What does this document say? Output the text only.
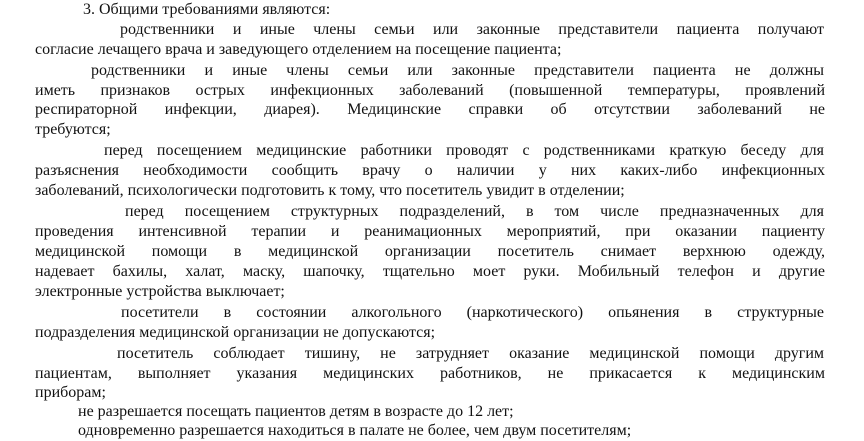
3. Общими требованиями являются:
родственники и иные члены семьи или законные представители пациента получают
согласие лечащего врача и заведующего отделением на посещение пациента;
родственники и иные члены семьи или законные представители пациента не должны
иметь признаков острых инфекционных заболеваний (повышенной температуры, проявлений
респираторной инфекции, диарея). Медицинские справки об отсутствии заболеваний не
требуются;
перед посещением медицинские работники проводят с родственниками краткую беседу для
разъяснения необходимости сообщить врачу о наличии у них каких-либо инфекционных
заболеваний, психологически подготовить к тому, что посетитель увидит в отделении;
перед посещением структурных подразделений, в том числе предназначенных для
проведения интенсивной терапии и реанимационных мероприятий, при оказании пациенту
медицинской помощи в медицинской организации посетитель снимает верхнюю одежду,
надевает бахилы, халат, маску, шапочку, тщательно моет руки. Мобильный телефон и другие
электронные устройства выключает;
посетители в состоянии алкогольного (наркотического) опьянения в структурные
подразделения медицинской организации не допускаются;
посетитель соблюдает тишину, не затрудняет оказание медицинской помощи другим
пациентам, выполняет указания медицинских работников, не прикасается к медицинским
приборам;
не разрешается посещать пациентов детям в возрасте до 12 лет;
одновременно разрешается находиться в палате не более, чем двум посетителям;
